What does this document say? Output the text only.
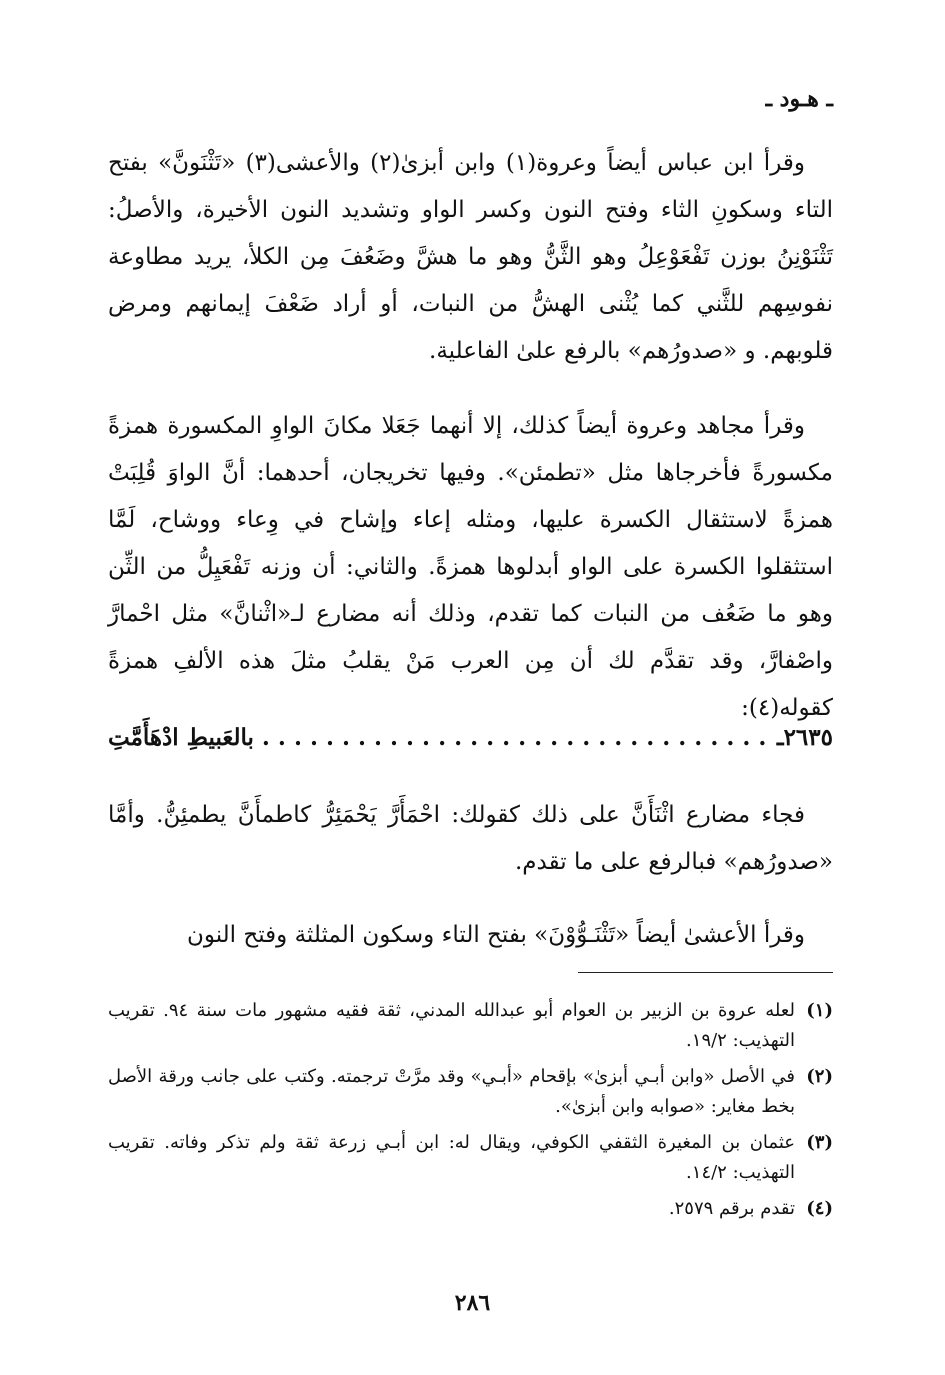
ـ هـود ـ

وقرأ ابن عباس أيضاً وعروة(١) وابن أبزىٰ(٢) والأعشى(٣) «تَثْنَونَّ» بفتح التاء وسكونِ الثاء وفتح النون وكسر الواو وتشديد النون الأخيرة، والأصلُ: تَثْنَوْنِنُ بوزن تَفْعَوْعِلُ وهو الثَّنُّ وهو ما هشَّ وضَعُفَ مِن الكلأ، يريد مطاوعة نفوسِهم للثَّني كما يُثْنى الهشُّ من النبات، أو أراد ضَعْفَ إيمانهم ومرض قلوبهم. و «صدورُهم» بالرفع علىٰ الفاعلية.

وقرأ مجاهد وعروة أيضاً كذلك، إلا أنهما جَعَلا مكانَ الواوِ المكسورة همزةً مكسورةً فأخرجاها مثل «تطمئن». وفيها تخريجان، أحدهما: أنَّ الواوَ قُلِبَتْ همزةً لاستثقال الكسرة عليها، ومثله إعاء وإشاح في وِعاء ووشاح، لَمَّا استثقلوا الكسرة على الواو أبدلوها همزةً. والثاني: أن وزنه تَفْعَيِلُّ من الثِّن وهو ما ضَعُف من النبات كما تقدم، وذلك أنه مضارع لـ«اثْنانَّ» مثل احْمارَّ واصْفارَّ، وقد تقدَّم لك أن مِن العرب مَنْ يقلبُ مثلَ هذه الألفِ همزةً كقوله(٤):

٢٦٣٥ـ
. . . . . . . . . . . . . . . . . . . . . . . . . . . . . . . . بالعَبيطِ ادْهَأَمَّتِ

فجاء مضارع اثْنَأَنَّ على ذلك كقولك: احْمَأَرَّ يَحْمَئِرُّ كاطمأَنَّ يطمئِنُّ. وأمَّا «صدورُهم» فبالرفع على ما تقدم.

وقرأ الأعشىٰ أيضاً «تَثْنَـوُّوْنَ» بفتح التاء وسكون المثلثة وفتح النون

(١)لعله عروة بن الزبير بن العوام أبو عبدالله المدني، ثقة فقيه مشهور مات سنة ٩٤. تقريب التهذيب: ١٩/٢.

(٢)في الأصل «وابن أبـي أبزىٰ» بإقحام «أبـي» وقد مرَّتْ ترجمته. وكتب على جانب ورقة الأصل بخط مغاير: «صوابه وابن أبزىٰ».

(٣)عثمان بن المغيرة الثقفي الكوفي، ويقال له: ابن أبـي زرعة ثقة ولم تذكر وفاته. تقريب التهذيب: ١٤/٢.

(٤)تقدم برقم ٢٥٧٩.

٢٨٦
